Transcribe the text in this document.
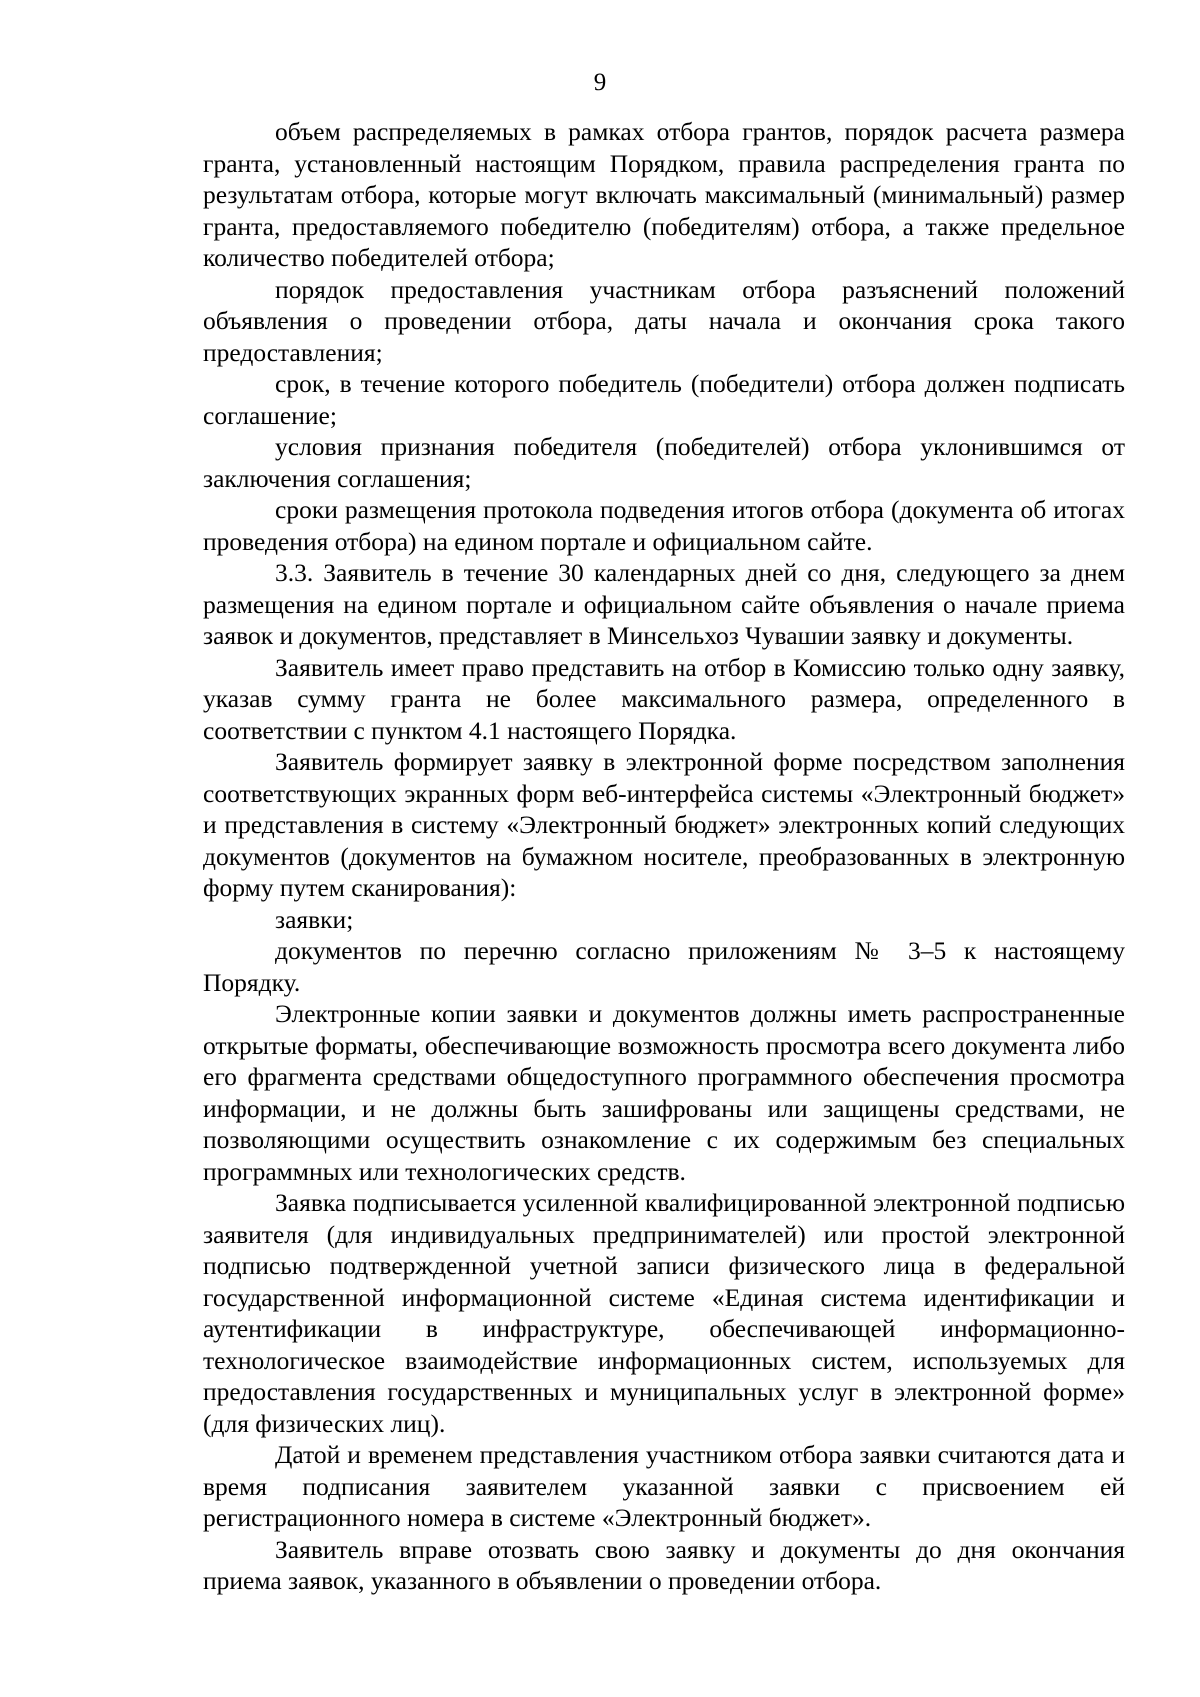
9

объем распределяемых в рамках отбора грантов, порядок расчета размера гранта, установленный настоящим Порядком, правила распределения гранта по результатам отбора, которые могут включать максимальный (минимальный) размер гранта, предоставляемого победителю (победителям) отбора, а также предельное количество победителей отбора;

порядок предоставления участникам отбора разъяснений положений объявления о проведении отбора, даты начала и окончания срока такого предоставления;

срок, в течение которого победитель (победители) отбора должен подписать соглашение;

условия признания победителя (победителей) отбора уклонившимся от заключения соглашения;

сроки размещения протокола подведения итогов отбора (документа об итогах проведения отбора) на едином портале и официальном сайте.

3.3. Заявитель в течение 30 календарных дней со дня, следующего за днем размещения на едином портале и официальном сайте объявления о начале приема заявок и документов, представляет в Минсельхоз Чувашии заявку и документы.

Заявитель имеет право представить на отбор в Комиссию только одну заявку, указав сумму гранта не более максимального размера, определенного в соответствии с пунктом 4.1 настоящего Порядка.

Заявитель формирует заявку в электронной форме посредством заполнения соответствующих экранных форм веб-интерфейса системы «Электронный бюджет» и представления в систему «Электронный бюджет» электронных копий следующих документов (документов на бумажном носителе, преобразованных в электронную форму путем сканирования):

заявки;

документов по перечню согласно приложениям № 3–5 к настоящему Порядку.

Электронные копии заявки и документов должны иметь распространенные открытые форматы, обеспечивающие возможность просмотра всего документа либо его фрагмента средствами общедоступного программного обеспечения просмотра информации, и не должны быть зашифрованы или защищены средствами, не позволяющими осуществить ознакомление с их содержимым без специальных программных или технологических средств.

Заявка подписывается усиленной квалифицированной электронной подписью заявителя (для индивидуальных предпринимателей) или простой электронной подписью подтвержденной учетной записи физического лица в федеральной государственной информационной системе «Единая система идентификации и аутентификации в инфраструктуре, обеспечивающей информационно-технологическое взаимодействие информационных систем, используемых для предоставления государственных и муниципальных услуг в электронной форме» (для физических лиц).

Датой и временем представления участником отбора заявки считаются дата и время подписания заявителем указанной заявки с присвоением ей регистрационного номера в системе «Электронный бюджет».

Заявитель вправе отозвать свою заявку и документы до дня окончания приема заявок, указанного в объявлении о проведении отбора.
